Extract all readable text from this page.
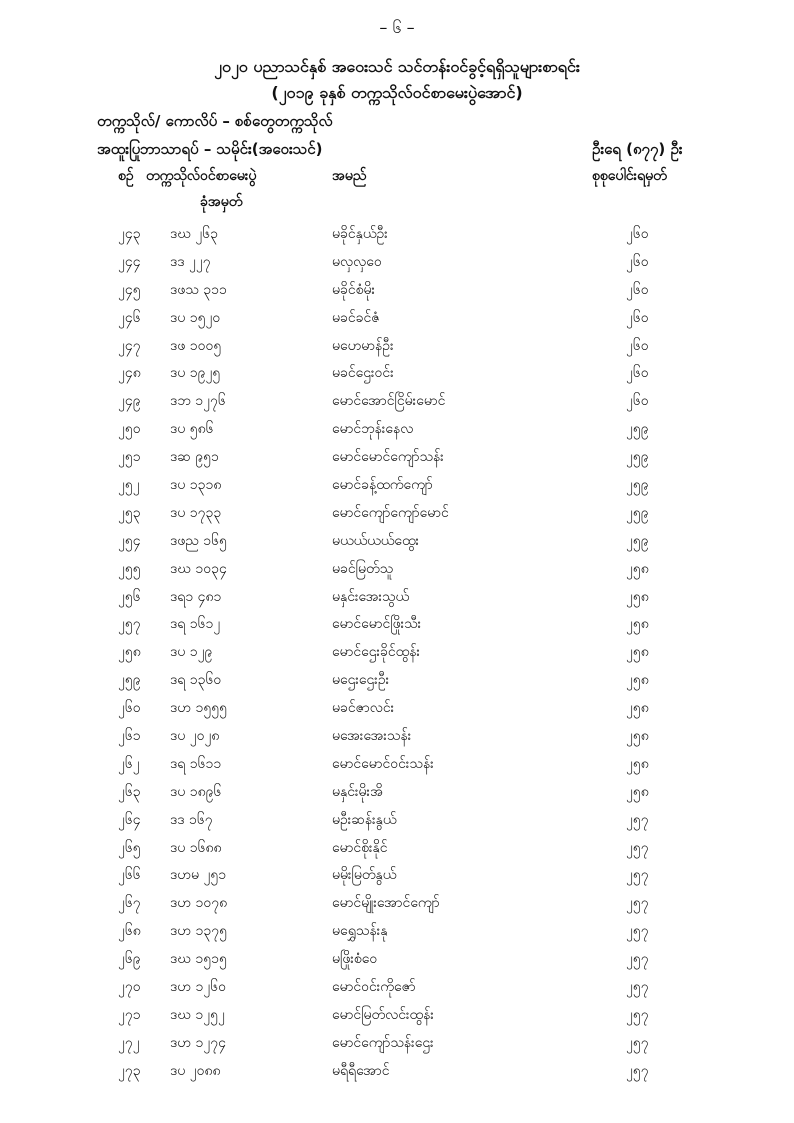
– ၆ –
၂၀၂၀ ပညာသင်နှစ် အဝေးသင် သင်တန်းဝင်ခွင့်ရရှိသူများစာရင်း
(၂၀၁၉ ခုနှစ် တက္ကသိုလ်ဝင်စာမေးပွဲအောင်)
တက္ကသိုလ်/ ကောလိပ် – စစ်တွေတက္ကသိုလ်
အထူးပြုဘာသာရပ် – သမိုင်း(အဝေးသင်)	ဦးရေ (၈၇၇) ဦး
စဉ် တက္ကသိုလ်ဝင်စာမေးပွဲ
ခုံအမှတ်
အမည်	စုစုပေါင်းရမှတ်
၂၄၃ ဒဃ ၂၆၃	မခိုင်နှယ်ဦး	၂၆၀
၂၄၄ ဒဒ ၂၂၇	မလှလှဝေ	၂၆၀
၂၄၅ ဒဖသ ၃၁၁	မခိုင်စံမိုး	၂၆၀
၂၄၆ ဒပ ၁၅၂၀	မခင်ခင်ဇံ	၂၆၀
၂၄၇ ဒဖ ၁၀၀၅	မဟေမာန်ဦး	၂၆၀
၂၄၈ ဒပ ၁၉၂၅	မခင်ဌေးဝင်း	၂၆၀
၂၄၉ ဒဘ ၁၂၇၆	မောင်အောင်ငြိမ်းမောင်	၂၆၀
၂၅၀ ဒပ ၅၈၆	မောင်ဘုန်းနေလ	၂၅၉
၂၅၁ ဒဆ ၉၅၁	မောင်မောင်ကျော်သန်း	၂၅၉
၂၅၂ ဒပ ၁၃၁၈	မောင်ခန့်ထက်ကျော်	၂၅၉
၂၅၃ ဒပ ၁၇၃၃	မောင်ကျော်ကျော်မောင်	၂၅၉
၂၅၄ ဒဖည ၁၆၅	မယယ်ယယ်ထွေး	၂၅၉
၂၅၅ ဒဃ ၁၀၃၄	မခင်မြတ်သူ	၂၅၈
၂၅၆ ဒရ၁ ၄၈၁	မနှင်းအေးသွယ်	၂၅၈
၂၅၇ ဒရ ၁၆၁၂	မောင်မောင်ဖြိုးသီး	၂၅၈
၂၅၈ ဒပ ၁၂၉	မောင်ဌေးခိုင်ထွန်း	၂၅၈
၂၅၉ ဒရ ၁၃၆၀	မဌေးဌေးဦး	၂၅၈
၂၆၀ ဒဟ ၁၅၅၅	မခင်ဇာလင်း	၂၅၈
၂၆၁ ဒပ ၂၀၂၈	မအေးအေးသန်း	၂၅၈
၂၆၂ ဒရ ၁၆၁၁	မောင်မောင်ဝင်းသန်း	၂၅၈
၂၆၃ ဒပ ၁၈၉၆	မနှင်းမိုးအိ	၂၅၈
၂၆၄ ဒဒ ၁၆၇	မဦးဆန်းနွယ်	၂၅၇
၂၆၅ ဒပ ၁၆၈၈	မောင်စိုးနိုင်	၂၅၇
၂၆၆ ဒဟမ ၂၅၁	မမိုးမြတ်နွယ်	၂၅၇
၂၆၇ ဒဟ ၁၀၇၈	မောင်မျိုးအောင်ကျော်	၂၅၇
၂၆၈ ဒဟ ၁၃၇၅	မရွှေသန်းနု	၂၅၇
၂၆၉ ဒဃ ၁၅၁၅	မဖြိုးစံဝေ	၂၅၇
၂၇၀ ဒဟ ၁၂၆၀	မောင်ဝင်းကိုဇော်	၂၅၇
၂၇၁ ဒဃ ၁၂၅၂	မောင်မြတ်လင်းထွန်း	၂၅၇
၂၇၂ ဒဟ ၁၂၇၄	မောင်ကျော်သန်းဌေး	၂၅၇
၂၇၃ ဒပ ၂၀၈၈	မရီရီအောင်	၂၅၇
